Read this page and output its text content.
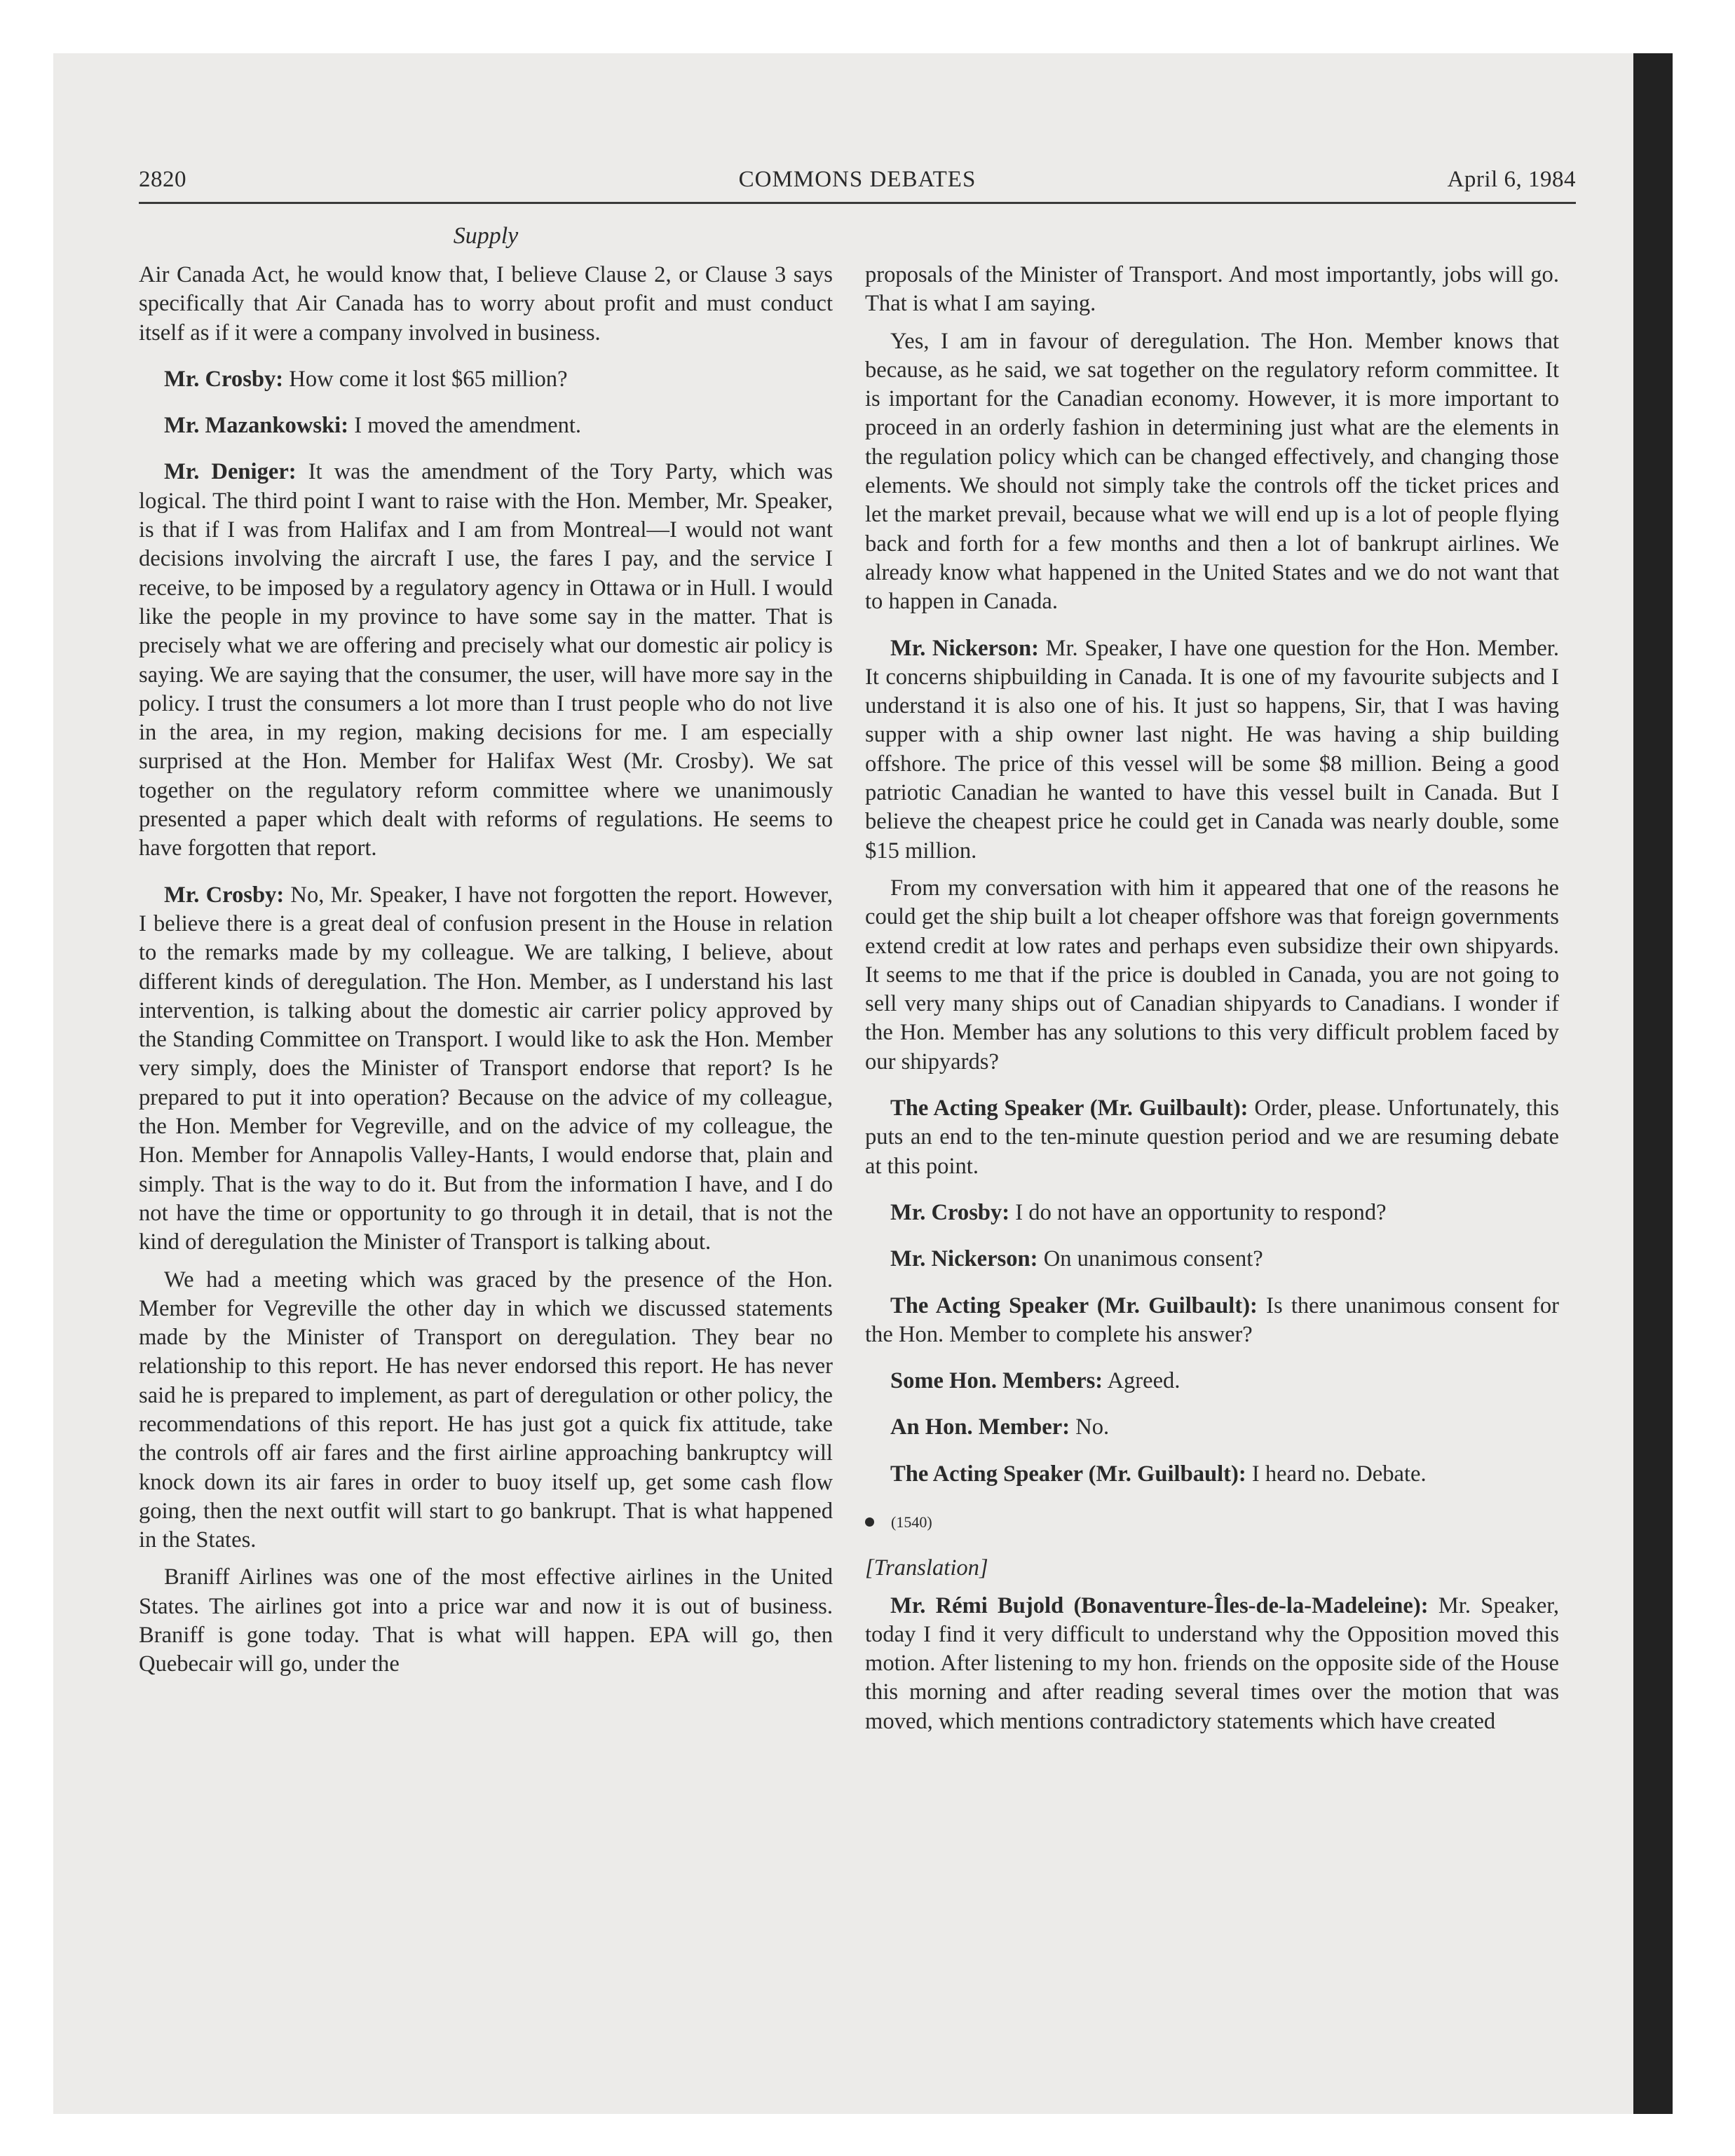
2820	COMMONS DEBATES	April 6, 1984
Supply

Air Canada Act, he would know that, I believe Clause 2, or Clause 3 says specifically that Air Canada has to worry about profit and must conduct itself as if it were a company involved in business.

Mr. Crosby: How come it lost $65 million?

Mr. Mazankowski: I moved the amendment.

Mr. Deniger: It was the amendment of the Tory Party, which was logical. The third point I want to raise with the Hon. Member, Mr. Speaker, is that if I was from Halifax and I am from Montreal—I would not want decisions involving the aircraft I use, the fares I pay, and the service I receive, to be imposed by a regulatory agency in Ottawa or in Hull. I would like the people in my province to have some say in the matter. That is precisely what we are offering and precisely what our domestic air policy is saying. We are saying that the consumer, the user, will have more say in the policy. I trust the consumers a lot more than I trust people who do not live in the area, in my region, making decisions for me. I am especially surprised at the Hon. Member for Halifax West (Mr. Crosby). We sat together on the regulatory reform committee where we unanimously presented a paper which dealt with reforms of regulations. He seems to have forgotten that report.

Mr. Crosby: No, Mr. Speaker, I have not forgotten the report. However, I believe there is a great deal of confusion present in the House in relation to the remarks made by my colleague. We are talking, I believe, about different kinds of deregulation. The Hon. Member, as I understand his last intervention, is talking about the domestic air carrier policy approved by the Standing Committee on Transport. I would like to ask the Hon. Member very simply, does the Minister of Transport endorse that report? Is he prepared to put it into operation? Because on the advice of my colleague, the Hon. Member for Vegreville, and on the advice of my colleague, the Hon. Member for Annapolis Valley-Hants, I would endorse that, plain and simply. That is the way to do it. But from the information I have, and I do not have the time or opportunity to go through it in detail, that is not the kind of deregulation the Minister of Transport is talking about.

We had a meeting which was graced by the presence of the Hon. Member for Vegreville the other day in which we discussed statements made by the Minister of Transport on deregulation. They bear no relationship to this report. He has never endorsed this report. He has never said he is prepared to implement, as part of deregulation or other policy, the recommendations of this report. He has just got a quick fix attitude, take the controls off air fares and the first airline approaching bankruptcy will knock down its air fares in order to buoy itself up, get some cash flow going, then the next outfit will start to go bankrupt. That is what happened in the States.

Braniff Airlines was one of the most effective airlines in the United States. The airlines got into a price war and now it is out of business. Braniff is gone today. That is what will happen. EPA will go, then Quebecair will go, under the

proposals of the Minister of Transport. And most importantly, jobs will go. That is what I am saying.

Yes, I am in favour of deregulation. The Hon. Member knows that because, as he said, we sat together on the regulatory reform committee. It is important for the Canadian economy. However, it is more important to proceed in an orderly fashion in determining just what are the elements in the regulation policy which can be changed effectively, and changing those elements. We should not simply take the controls off the ticket prices and let the market prevail, because what we will end up is a lot of people flying back and forth for a few months and then a lot of bankrupt airlines. We already know what happened in the United States and we do not want that to happen in Canada.

Mr. Nickerson: Mr. Speaker, I have one question for the Hon. Member. It concerns shipbuilding in Canada. It is one of my favourite subjects and I understand it is also one of his. It just so happens, Sir, that I was having supper with a ship owner last night. He was having a ship building offshore. The price of this vessel will be some $8 million. Being a good patriotic Canadian he wanted to have this vessel built in Canada. But I believe the cheapest price he could get in Canada was nearly double, some $15 million.

From my conversation with him it appeared that one of the reasons he could get the ship built a lot cheaper offshore was that foreign governments extend credit at low rates and perhaps even subsidize their own shipyards. It seems to me that if the price is doubled in Canada, you are not going to sell very many ships out of Canadian shipyards to Canadians. I wonder if the Hon. Member has any solutions to this very difficult problem faced by our shipyards?

The Acting Speaker (Mr. Guilbault): Order, please. Unfortunately, this puts an end to the ten-minute question period and we are resuming debate at this point.

Mr. Crosby: I do not have an opportunity to respond?

Mr. Nickerson: On unanimous consent?

The Acting Speaker (Mr. Guilbault): Is there unanimous consent for the Hon. Member to complete his answer?

Some Hon. Members: Agreed.

An Hon. Member: No.

The Acting Speaker (Mr. Guilbault): I heard no. Debate.

(1540)

[Translation]

Mr. Rémi Bujold (Bonaventure-Îles-de-la-Madeleine): Mr. Speaker, today I find it very difficult to understand why the Opposition moved this motion. After listening to my hon. friends on the opposite side of the House this morning and after reading several times over the motion that was moved, which mentions contradictory statements which have created
